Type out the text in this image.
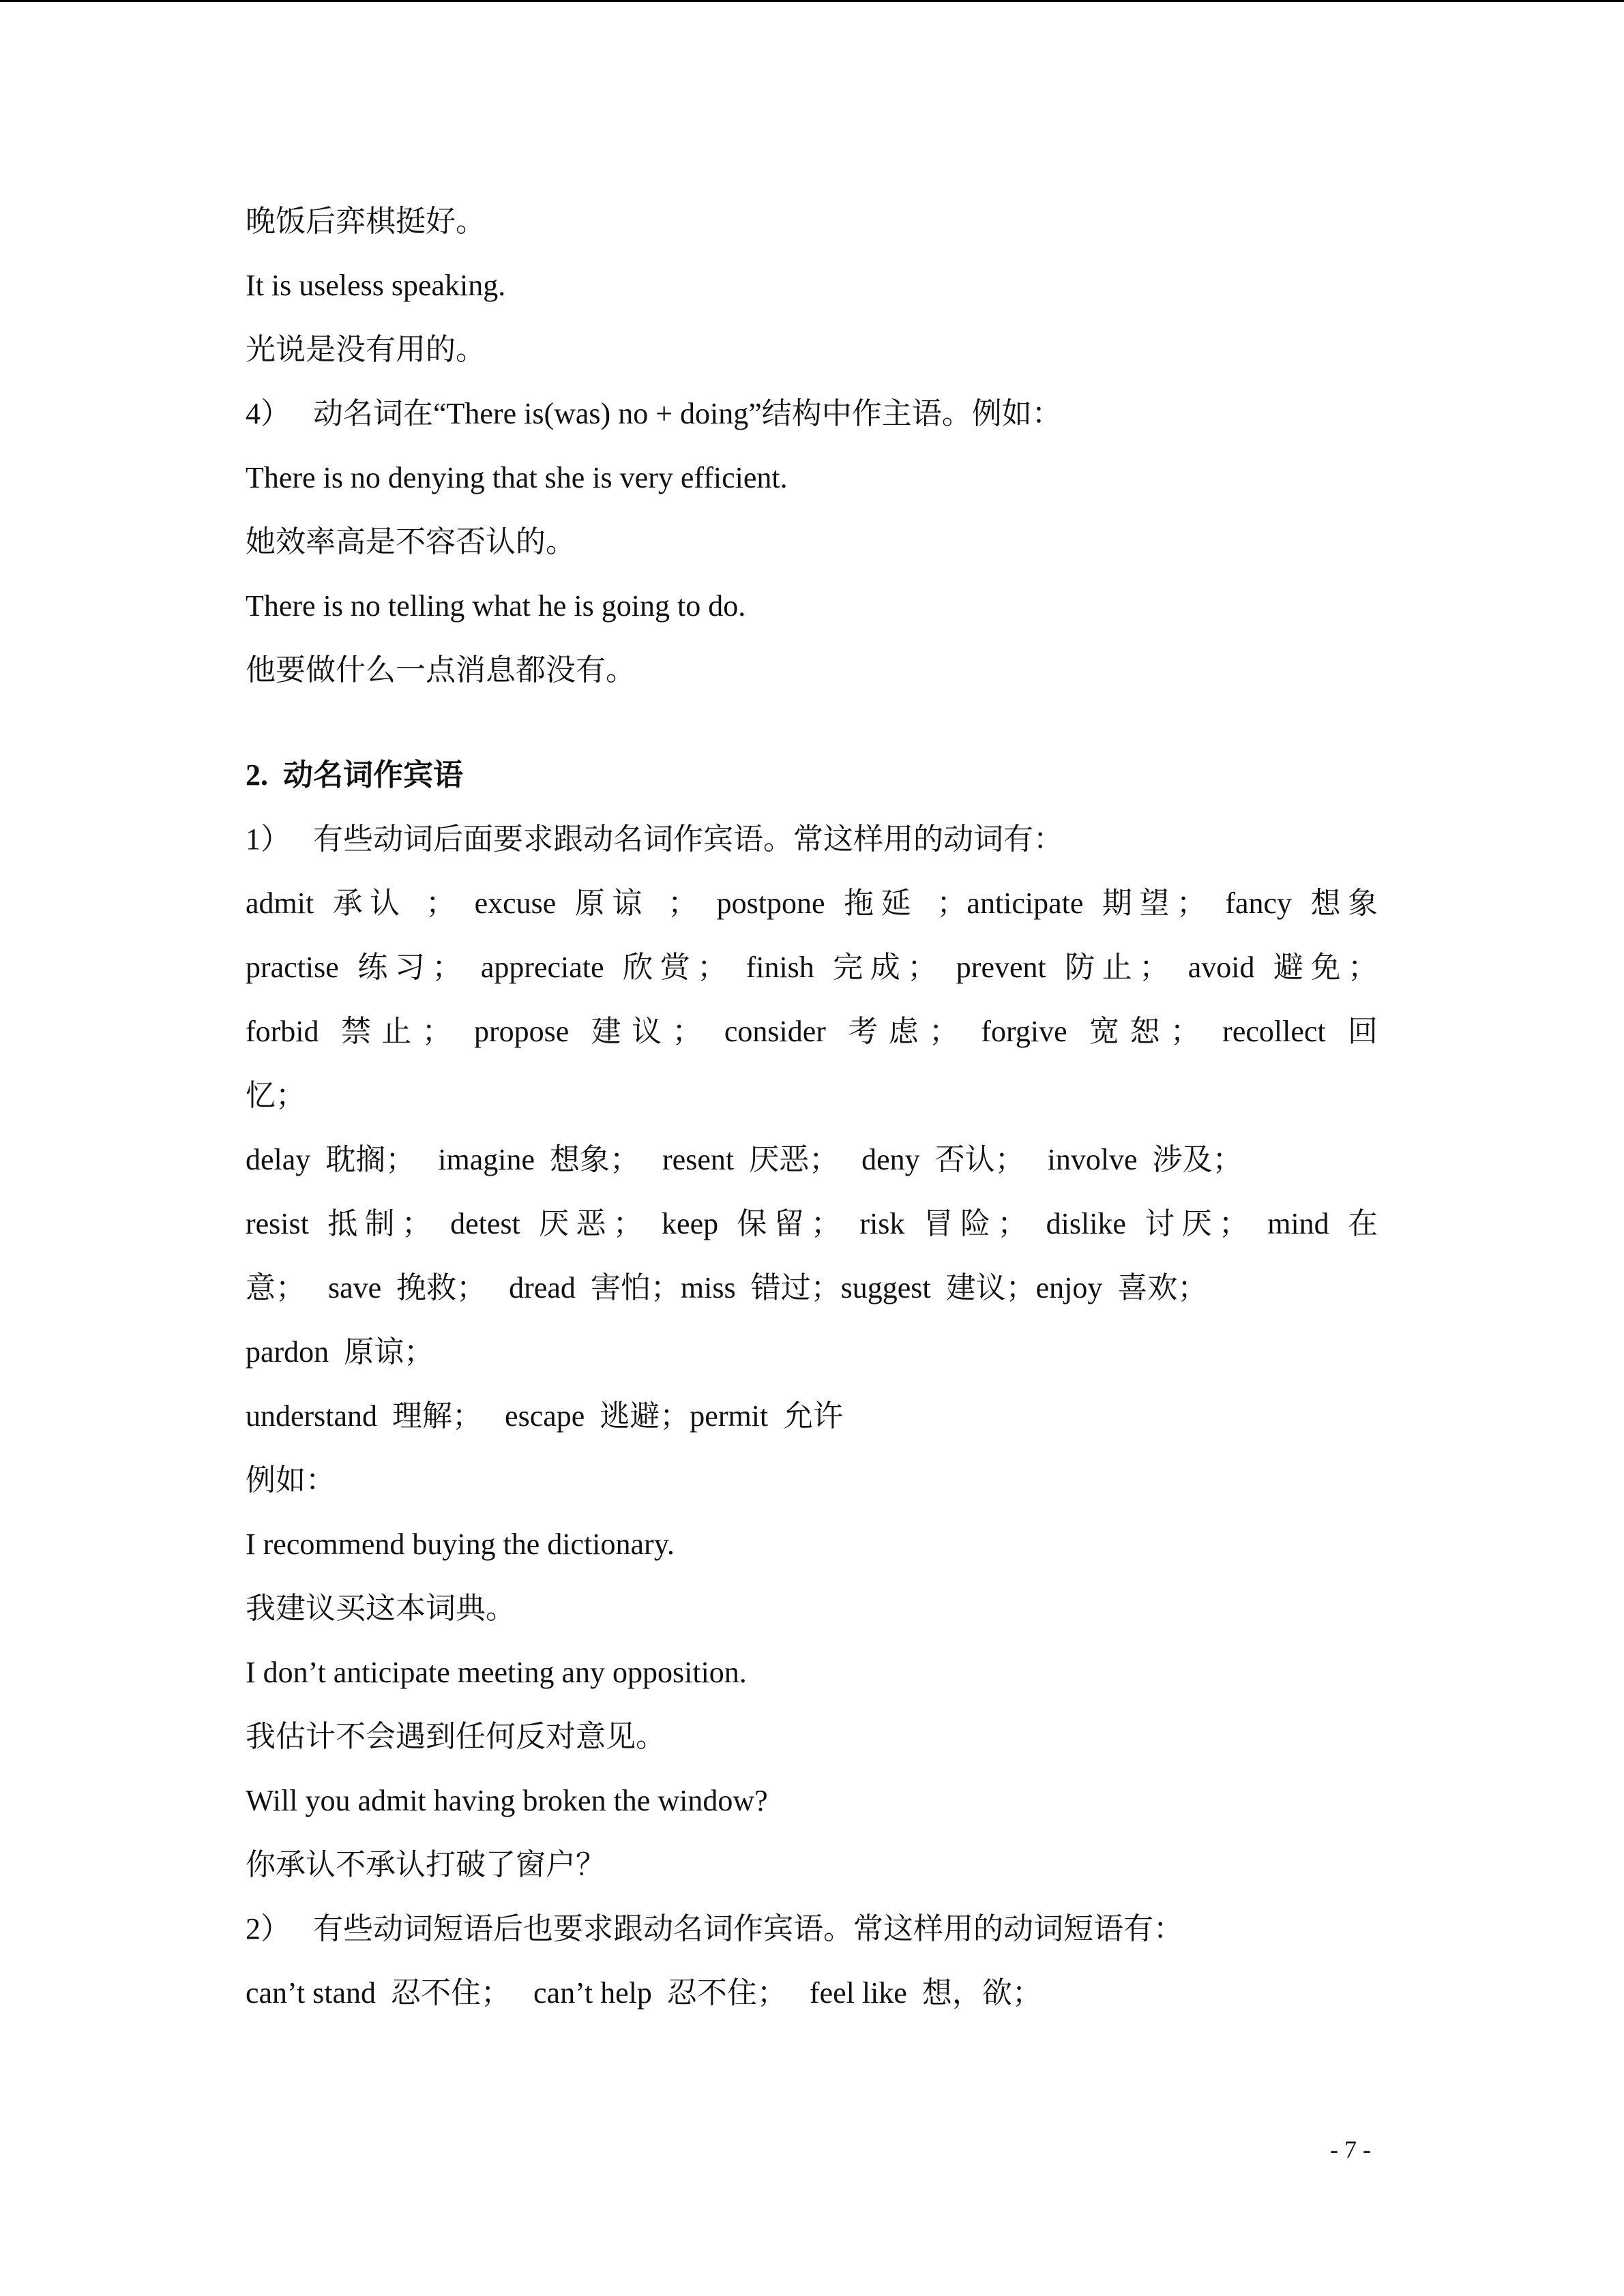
晚饭后弈棋挺好。
It is useless speaking.
光说是没有用的。
4）   动名词在“There is(was) no + doing”结构中作主语。例如：
There is no denying that she is very efficient.
她效率高是不容否认的。
There is no telling what he is going to do.
他要做什么一点消息都没有。
2.  动名词作宾语
1）   有些动词后面要求跟动名词作宾语。常这样用的动词有：
admit 承认 ； excuse 原谅 ； postpone 拖延 ；anticipate 期望； fancy 想象
practise 练习； appreciate 欣赏； finish 完成； prevent 防止； avoid 避免；
forbid 禁止； propose 建议； consider 考虑； forgive 宽恕； recollect 回
忆；
delay  耽搁；   imagine  想象；   resent  厌恶；   deny  否认；   involve  涉及；
resist 抵制； detest 厌恶； keep 保留； risk 冒险； dislike 讨厌； mind 在
意；   save  挽救；   dread  害怕；miss  错过；suggest  建议；enjoy  喜欢；
pardon  原谅；
understand  理解；   escape  逃避；permit  允许
例如：
I recommend buying the dictionary.
我建议买这本词典。
I don’t anticipate meeting any opposition.
我估计不会遇到任何反对意见。
Will you admit having broken the window?
你承认不承认打破了窗户？
2）   有些动词短语后也要求跟动名词作宾语。常这样用的动词短语有：
can’t stand  忍不住；   can’t help  忍不住；   feel like  想，欲；
- 7 -
